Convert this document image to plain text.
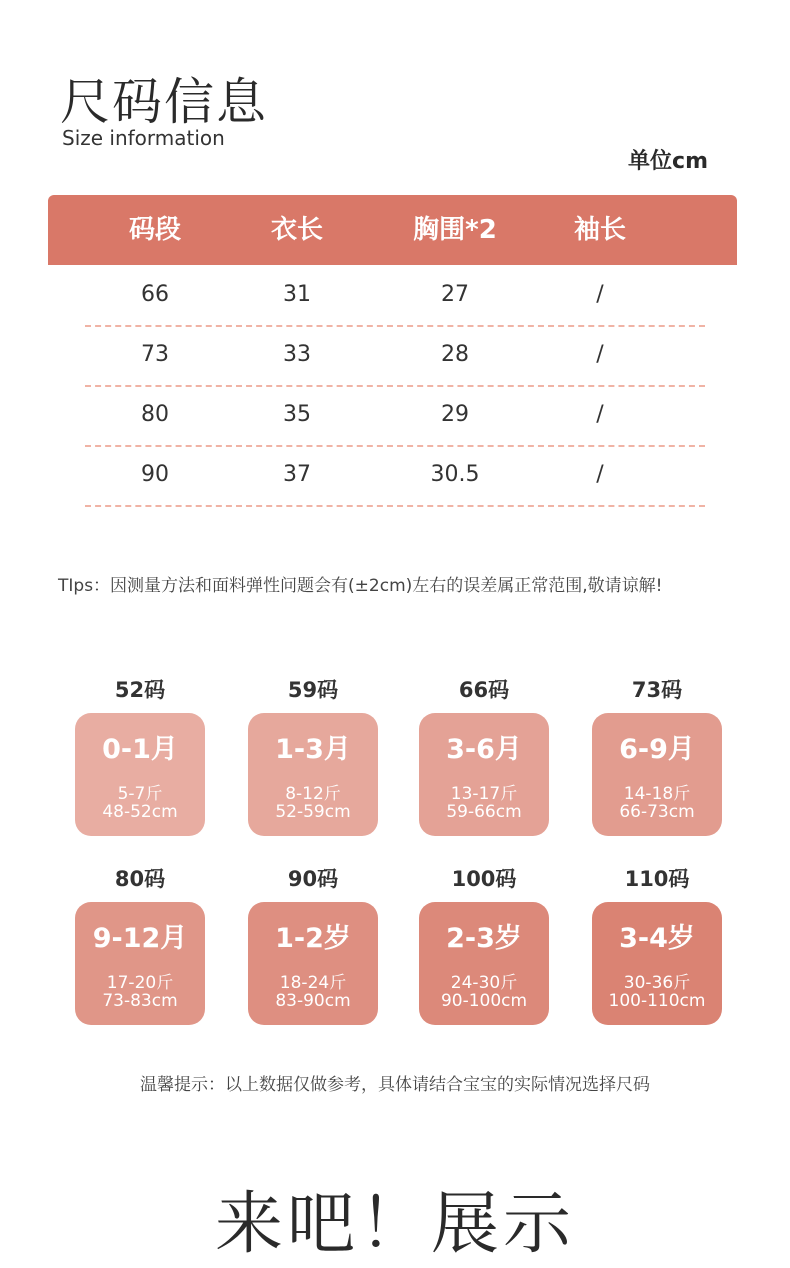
尺码信息
Size information
单位cm
码段	衣长	胸围*2	袖长
66	31	27	/
73	33	28	/
80	35	29	/
90	37	30.5	/
TIps：因测量方法和面料弹性问题会有(±2cm)左右的误差属正常范围,敬请谅解!
52码	59码	66码	73码
0-1月
5-7斤
48-52cm
1-3月
8-12斤
52-59cm
3-6月
13-17斤
59-66cm
6-9月
14-18斤
66-73cm
80码	90码	100码	110码
9-12月
17-20斤
73-83cm
1-2岁
18-24斤
83-90cm
2-3岁
24-30斤
90-100cm
3-4岁
30-36斤
100-110cm
温馨提示：以上数据仅做参考，具体请结合宝宝的实际情况选择尺码
来吧！展示
